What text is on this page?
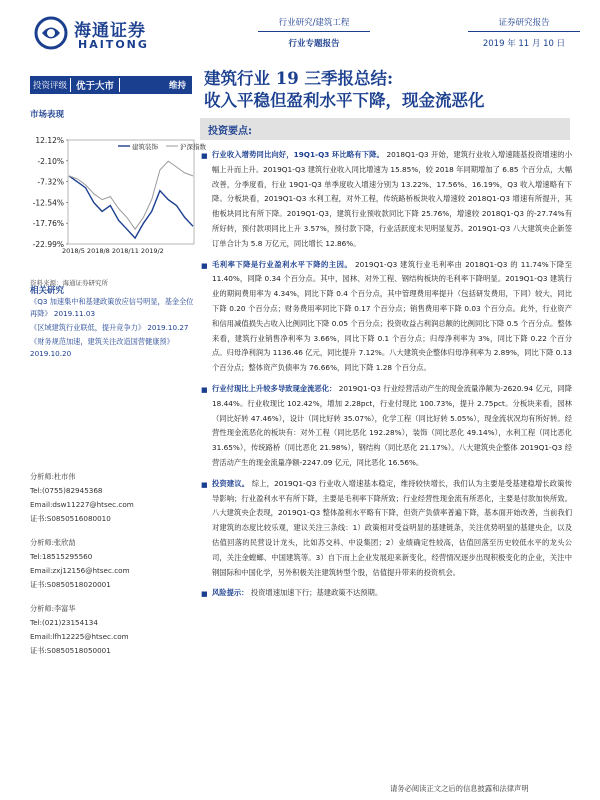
海通证券
HAITONG
行业研究/建筑工程
行业专题报告
证券研究报告
2019 年 11 月 10 日
投资评级 优于大市	维持	建筑行业 19 三季报总结:
收入平稳但盈利水平下降，现金流恶化
市场表现
12.12%
-2.10%
-7.32%
-12.54%
-17.76%
-22.99%
2018/5 2018/8 2018/11 2019/2
建筑装饰	沪深指数
资料来源：海通证券研究所
相关研究
《Q3 加速集中和基建政策放应信号明显，基金全位再降》 2019.11.03
《区域建筑行业联低，提升竞争力》 2019.10.27
《财务规范加速，建筑关注改造国营健康预》 2019.10.20
分析师:杜市伟
Tel:(0755)82945368
Email:dsw11227@htsec.com
证书:S0850516080010
分析师:张欣劼
Tel:18515295560
Email:zxj12156@htsec.com
证书:S0850518020001
分析师:李富华
Tel:(021)23154134
Email:lfh12225@htsec.com
证书:S0850518050001
投资要点:

■ 行业收入增势同比向好，19Q1-Q3 环比略有下降。 2018Q1-Q3 开始，建筑行业收入增速随基投资增速的小幅上升而上升。2019Q1-Q3 建筑行业收入同比增速为 15.85%，较 2018 年同期增加了 6.85 个百分点，大幅改善，分季度看，行业 19Q1-Q3 单季度收入增速分别为 13.22%、17.56%、16.19%，Q3 收入增速略有下降。分板块看，2019Q1-Q3 水利工程，对外工程，传统路桥板块收入增速较 2018Q1-Q3 增速有所提升，其他板块同比有所下降。2019Q1-Q3，建筑行业预收款同比下降 25.76%，增速较 2018Q1-Q3 的-27.74%有所好转，预付款项同比上升 3.57%，预付款下降，行业活跃度未见明显复苏。2019Q1-Q3 八大建筑央企新签订单合计为 5.8 万亿元，同比增长 12.86%。

■ 毛利率下降是行业盈利水平下降的主因。 2019Q1-Q3 建筑行业毛利率由 2018Q1-Q3 的 11.74%下降至 11.40%，同降 0.34 个百分点。其中，园林、对外工程、钢结构板块的毛利率下降明显。2019Q1-Q3 建筑行业的期间费用率为 4.34%，同比下降 0.4 个百分点，其中管理费用率提升（包括研发费用，下同）较大，同比下降 0.20 个百分点；财务费用率同比下降 0.17 个百分点；销售费用率下降 0.03 个百分点。此外，行业资产和信用减值损失占收入比例同比下降 0.05 个百分点；投资收益占利润总额的比例同比下降 0.5 个百分点。整体来看，建筑行业销售净利率为 3.66%，同比下降 0.1 个百分点；归母净利率为 3%，同比下降 0.22 个百分点。归母净利润为 1136.46 亿元，同比提升 7.12%。八大建筑央企整体归母净利率为 2.89%，同比下降 0.13 个百分点；整体资产负债率为 76.66%，同比下降 1.28 个百分点。

■ 行业付现比上升较多导致现金流恶化： 2019Q1-Q3 行业经营活动产生的现金流量净额为-2620.94 亿元，同降 18.44%。行业收现比 102.42%，增加 2.28pct，行业付现比 100.73%，提升 2.75pct。分板块来看，园林（同比好转 47.46%），设计（同比好转 35.07%），化学工程（同比好转 5.05%），现金流状况均有所好转。经营性现金流恶化的板块有：对外工程（同比恶化 192.28%），装饰（同比恶化 49.14%），水利工程（同比恶化 31.65%），传统路桥（同比恶化 21.98%），钢结构（同比恶化 21.17%）。八大建筑央企整体 2019Q1-Q3 经营活动产生的现金流量净额-2247.09 亿元，同比恶化 16.56%。

■ 投资建议。 综上，2019Q1-Q3 行业收入增速基本稳定，维持较快增长，我们认为主要是受基建稳增长政策传导影响；行业盈利水平有所下降，主要是毛利率下降所致；行业经营性现金流有所恶化，主要是付款加快所致。八大建筑央企表现，2019Q1-Q3 整体盈利水平略有下降，但资产负债率普遍下降，基本面开始改善，当前我们对建筑的态度比较乐观，建议关注三条线：1）政策相对受益明显的基建链条，关注优势明显的基建央企，以及估值回落的民营设计龙头，比如苏交科、中设集团；2）业绩确定性较高，估值回落至历史较低水平的龙头公司，关注金螳螂、中国建筑等。3）自下而上企业发展迎来新变化，经营情况逐步出现积极变化的企业，关注中钢国际和中国化学，另外积极关注建筑转型个股，估值提升带来的投资机会。

■ 风险提示： 投资增速加速下行；基建政策不达预期。

请务必阅读正文之后的信息披露和法律声明
